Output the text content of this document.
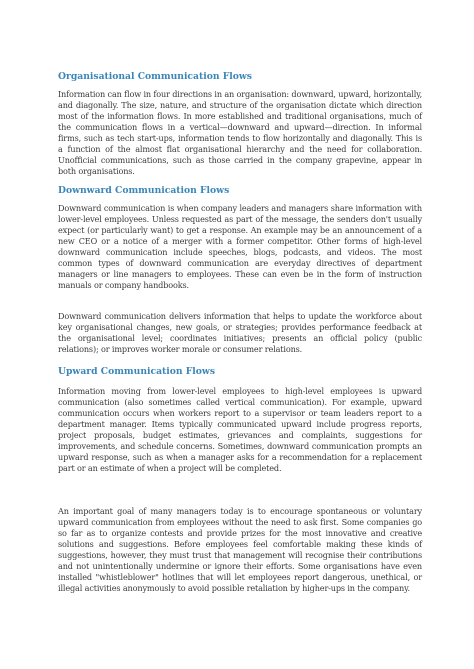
Organisational Communication Flows

Information can flow in four directions in an organisation: downward, upward, horizontally, and diagonally. The size, nature, and structure of the organisation dictate which direction most of the information flows. In more established and traditional organisations, much of the communication flows in a vertical—downward and upward—direction. In informal firms, such as tech start-ups, information tends to flow horizontally and diagonally. This is a function of the almost flat organisational hierarchy and the need for collaboration. Unofficial communications, such as those carried in the company grapevine, appear in both organisations.

Downward Communication Flows

Downward communication is when company leaders and managers share information with lower-level employees. Unless requested as part of the message, the senders don't usually expect (or particularly want) to get a response. An example may be an announcement of a new CEO or a notice of a merger with a former competitor. Other forms of high-level downward communication include speeches, blogs, podcasts, and videos. The most common types of downward communication are everyday directives of department managers or line managers to employees. These can even be in the form of instruction manuals or company handbooks.

Downward communication delivers information that helps to update the workforce about key organisational changes, new goals, or strategies; provides performance feedback at the organisational level; coordinates initiatives; presents an official policy (public relations); or improves worker morale or consumer relations.

Upward Communication Flows

Information moving from lower-level employees to high-level employees is upward communication (also sometimes called vertical communication). For example, upward communication occurs when workers report to a supervisor or team leaders report to a department manager. Items typically communicated upward include progress reports, project proposals, budget estimates, grievances and complaints, suggestions for improvements, and schedule concerns. Sometimes, downward communication prompts an upward response, such as when a manager asks for a recommendation for a replacement part or an estimate of when a project will be completed.

An important goal of many managers today is to encourage spontaneous or voluntary upward communication from employees without the need to ask first. Some companies go so far as to organize contests and provide prizes for the most innovative and creative solutions and suggestions. Before employees feel comfortable making these kinds of suggestions, however, they must trust that management will recognise their contributions and not unintentionally undermine or ignore their efforts. Some organisations have even installed "whistleblower" hotlines that will let employees report dangerous, unethical, or illegal activities anonymously to avoid possible retaliation by higher-ups in the company.
